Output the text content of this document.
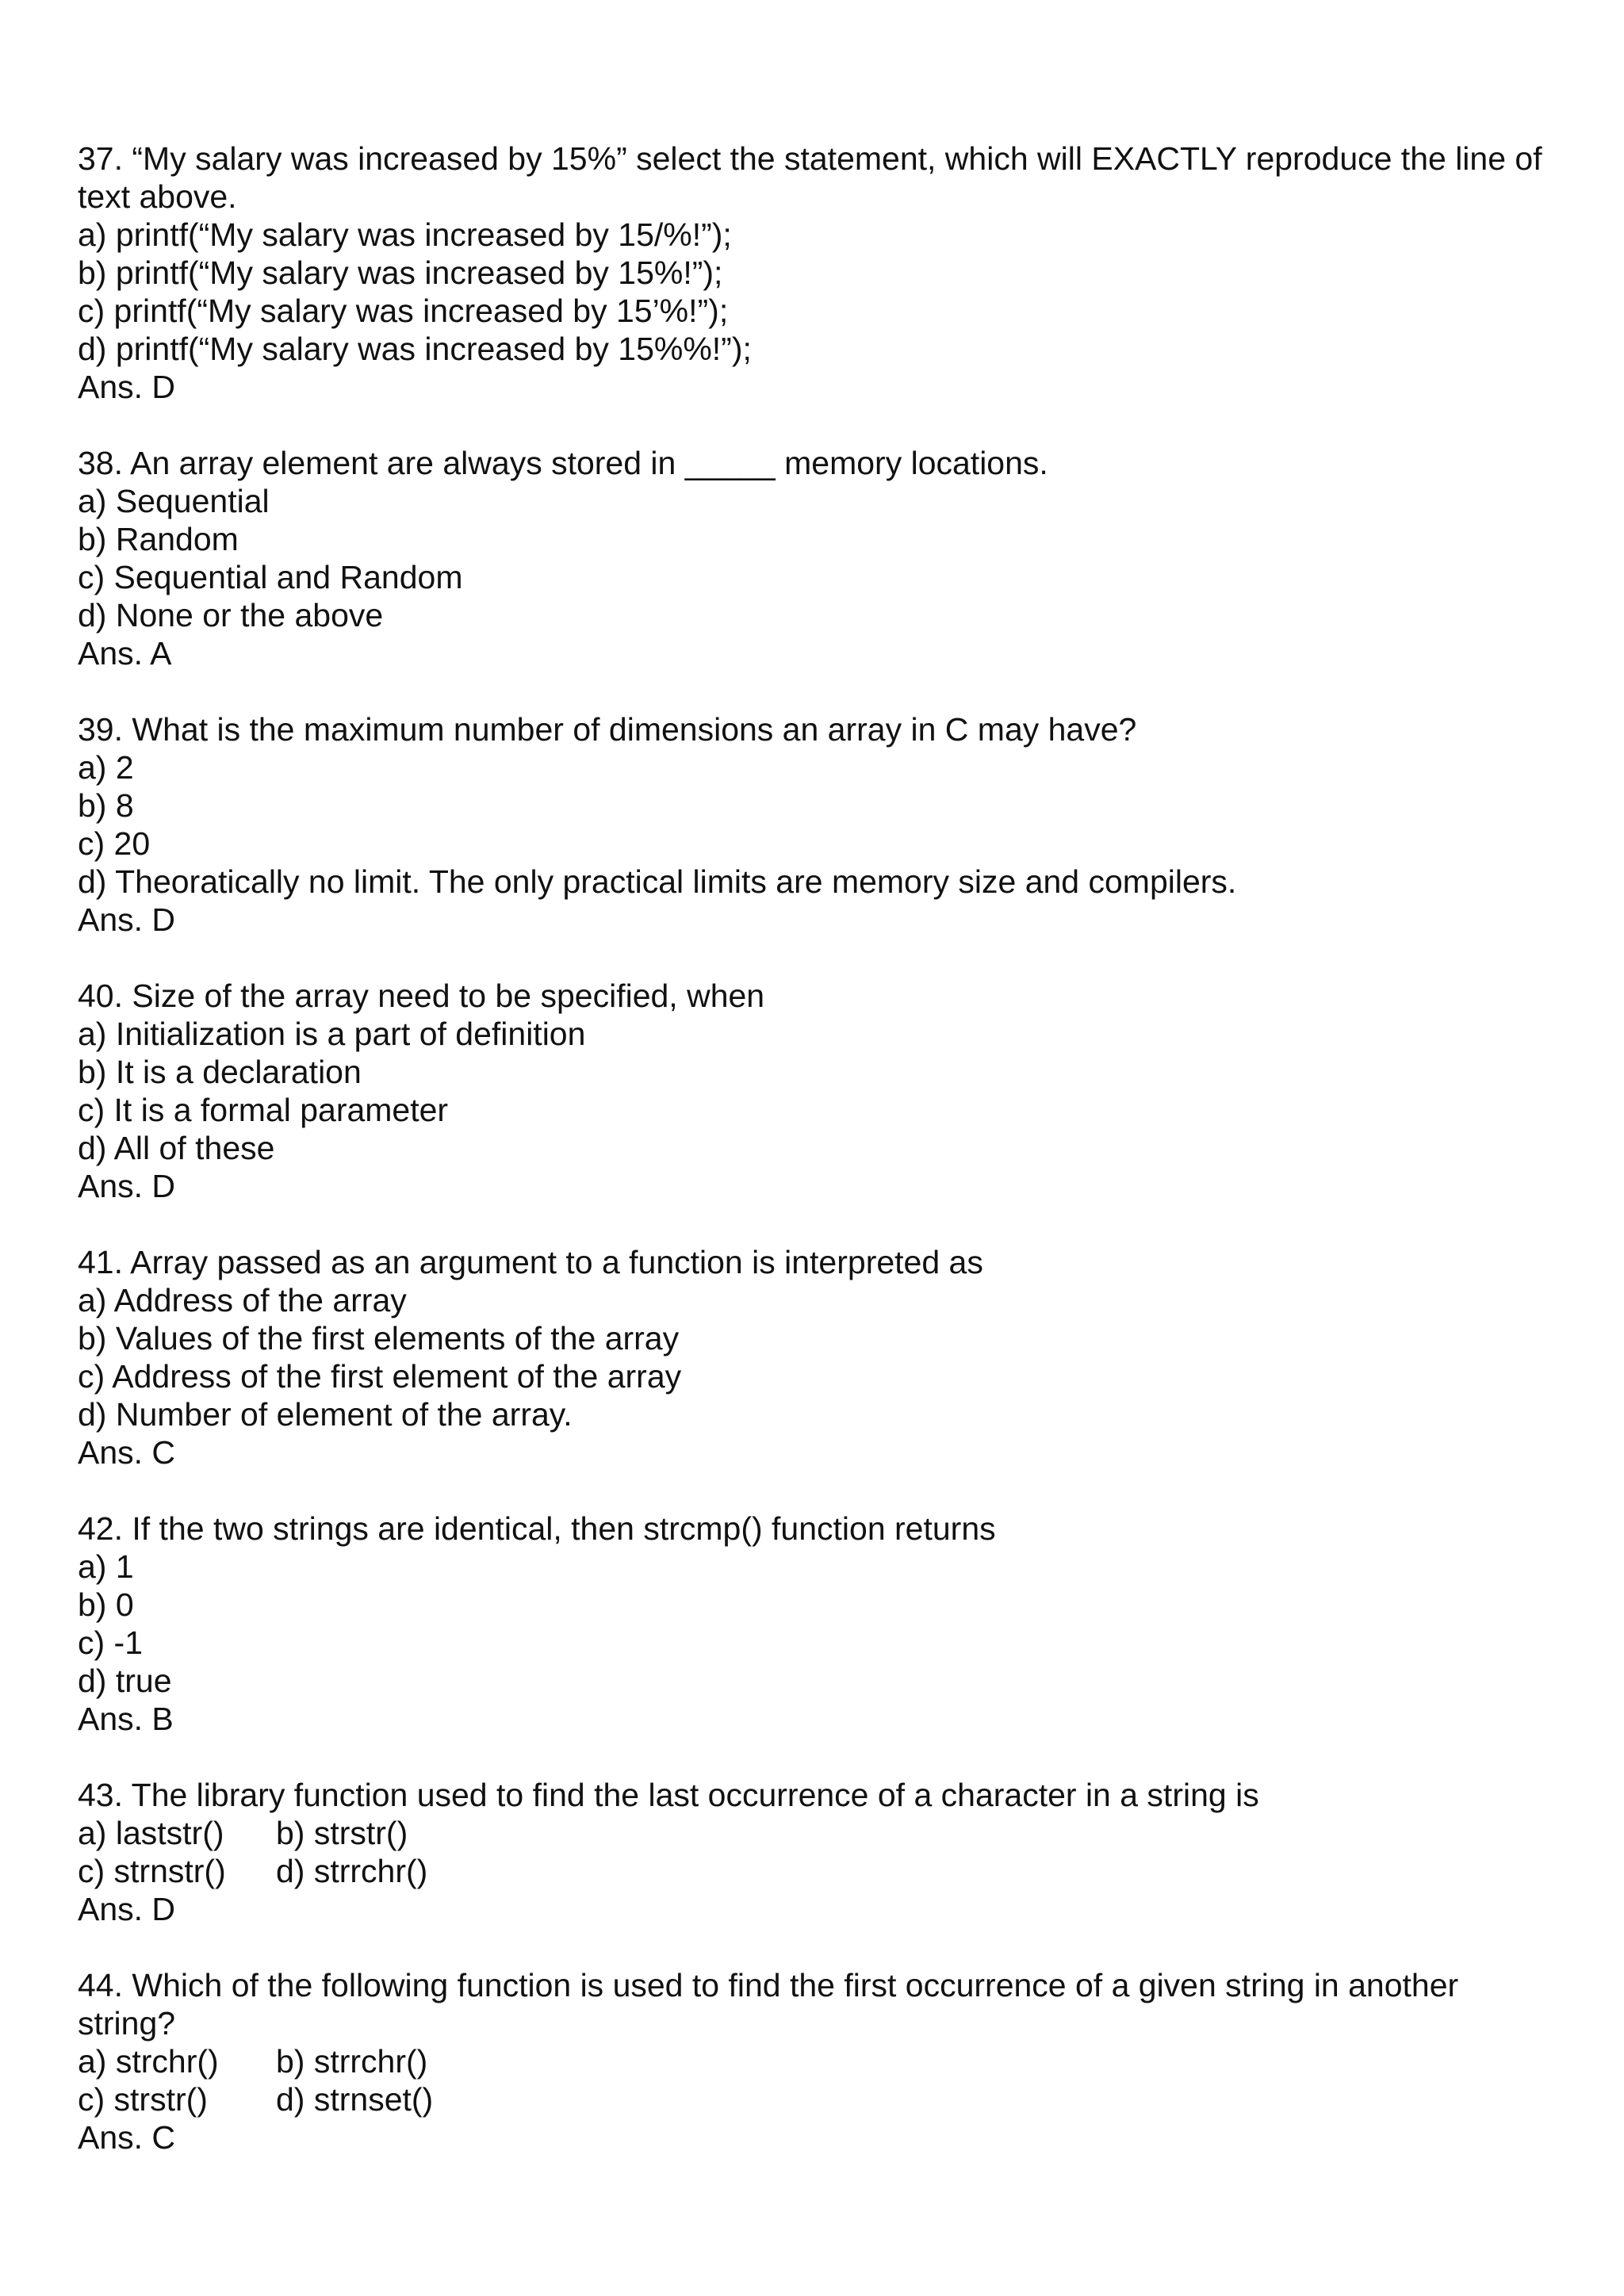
37. “My salary was increased by 15%” select the statement, which will EXACTLY reproduce the line of text above.
a) printf(“My salary was increased by 15/%!”);
b) printf(“My salary was increased by 15%!”);
c) printf(“My salary was increased by 15’%!”);
d) printf(“My salary was increased by 15%%!”);
Ans. D
38. An array element are always stored in _____ memory locations.
a) Sequential
b) Random
c) Sequential and Random
d) None or the above
Ans. A
39. What is the maximum number of dimensions an array in C may have?
a) 2
b) 8
c) 20
d) Theoratically no limit. The only practical limits are memory size and compilers.
Ans. D
40. Size of the array need to be specified, when
a) Initialization is a part of definition
b) It is a declaration
c) It is a formal parameter
d) All of these
Ans. D
41. Array passed as an argument to a function is interpreted as
a) Address of the array
b) Values of the first elements of the array
c) Address of the first element of the array
d) Number of element of the array.
Ans. C
42. If the two strings are identical, then strcmp() function returns
a) 1
b) 0
c) -1
d) true
Ans. B
43. The library function used to find the last occurrence of a character in a string is
a) laststr()	b) strstr()
c) strnstr()	d) strrchr()
Ans. D
44. Which of the following function is used to find the first occurrence of a given string in another string?
a) strchr()	b) strrchr()
c) strstr()	d) strnset()
Ans. C
